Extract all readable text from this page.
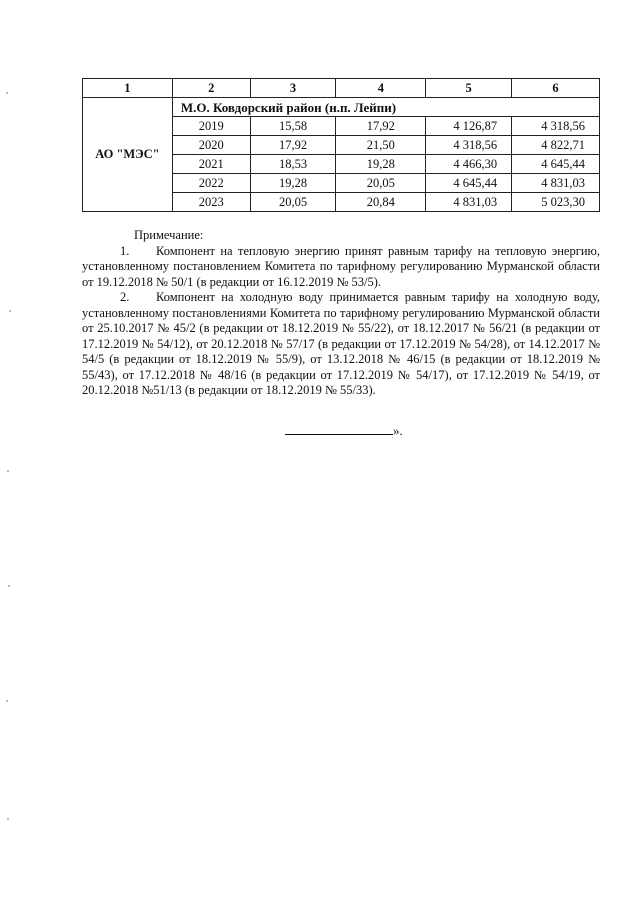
1	2	3	4	5	6
АО "МЭС"	М.О. Ковдорский район (н.п. Лейпи)				
	2019	15,58	17,92	4 126,87	4 318,56
	2020	17,92	21,50	4 318,56	4 822,71
	2021	18,53	19,28	4 466,30	4 645,44
	2022	19,28	20,05	4 645,44	4 831,03
	2023	20,05	20,84	4 831,03	5 023,30

Примечание:

1. Компонент на тепловую энергию принят равным тарифу на тепловую энергию, установленному постановлением Комитета по тарифному регулированию Мурманской области от 19.12.2018 № 50/1 (в редакции от 16.12.2019 № 53/5).

2. Компонент на холодную воду принимается равным тарифу на холодную воду, установленному постановлениями Комитета по тарифному регулированию Мурманской области от 25.10.2017 № 45/2 (в редакции от 18.12.2019 № 55/22), от 18.12.2017 № 56/21 (в редакции от 17.12.2019 № 54/12), от 20.12.2018 № 57/17 (в редакции от 17.12.2019 № 54/28), от 14.12.2017 № 54/5 (в редакции от 18.12.2019 № 55/9), от 13.12.2018 № 46/15 (в редакции от 18.12.2019 № 55/43), от 17.12.2018 № 48/16 (в редакции от 17.12.2019 № 54/17), от 17.12.2019 № 54/19, от 20.12.2018 №51/13 (в редакции от 18.12.2019 № 55/33).

».
